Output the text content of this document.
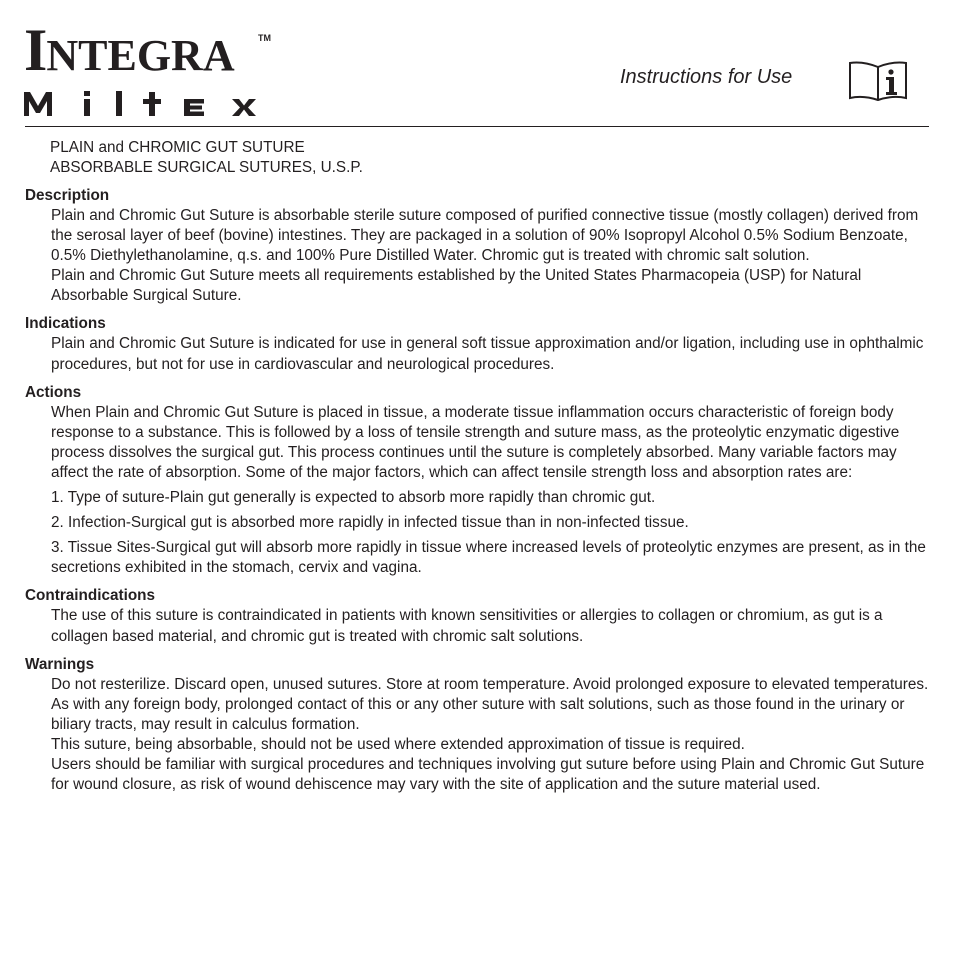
INTEGRA	TM
Instructions for Use
PLAIN and CHROMIC GUT SUTURE
ABSORBABLE SURGICAL SUTURES, U.S.P.
Description

Plain and Chromic Gut Suture is absorbable sterile suture composed of purified connective tissue (mostly collagen) derived from the serosal layer of beef (bovine) intestines. They are packaged in a solution of 90% Isopropyl Alcohol 0.5% Sodium Benzoate, 0.5% Diethylethanolamine, q.s. and 100% Pure Distilled Water. Chromic gut is treated with chromic salt solution.

Plain and Chromic Gut Suture meets all requirements established by the United States Pharmacopeia (USP) for Natural Absorbable Surgical Suture.

Indications

Plain and Chromic Gut Suture is indicated for use in general soft tissue approximation and/or ligation, including use in ophthalmic procedures, but not for use in cardiovascular and neurological procedures.

Actions

When Plain and Chromic Gut Suture is placed in tissue, a moderate tissue inflammation occurs characteristic of foreign body response to a substance. This is followed by a loss of tensile strength and suture mass, as the proteolytic enzymatic digestive process dissolves the surgical gut. This process continues until the suture is completely absorbed. Many variable factors may affect the rate of absorption. Some of the major factors, which can affect tensile strength loss and absorption rates are:

1. Type of suture-Plain gut generally is expected to absorb more rapidly than chromic gut.
2. Infection-Surgical gut is absorbed more rapidly in infected tissue than in non-infected tissue.
3. Tissue Sites-Surgical gut will absorb more rapidly in tissue where increased levels of proteolytic enzymes are present, as in the secretions exhibited in the stomach, cervix and vagina.
Contraindications

The use of this suture is contraindicated in patients with known sensitivities or allergies to collagen or chromium, as gut is a collagen based material, and chromic gut is treated with chromic salt solutions.

Warnings

Do not resterilize. Discard open, unused sutures. Store at room temperature. Avoid prolonged exposure to elevated temperatures.

As with any foreign body, prolonged contact of this or any other suture with salt solutions, such as those found in the urinary or biliary tracts, may result in calculus formation.

This suture, being absorbable, should not be used where extended approximation of tissue is required.

Users should be familiar with surgical procedures and techniques involving gut suture before using Plain and Chromic Gut Suture for wound closure, as risk of wound dehiscence may vary with the site of application and the suture material used.
